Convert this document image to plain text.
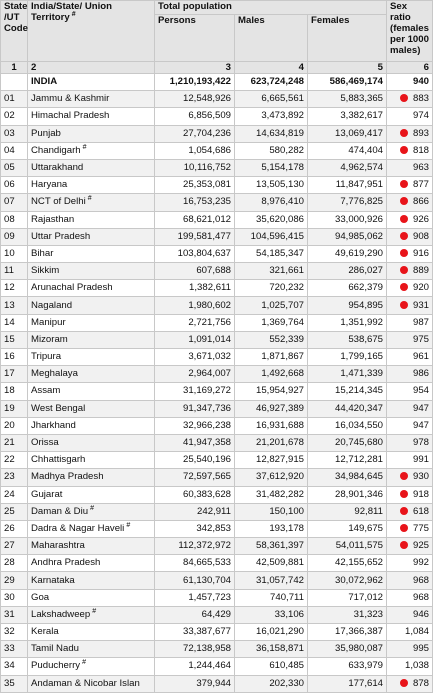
State /UT Code	India/State/ Union Territory #	Total population			Sex ratio (females per 1000 males)
		Persons	Males	Females	
1	2	3	4	5	6
	INDIA	1,210,193,422	623,724,248	586,469,174	940
01	Jammu & Kashmir	12,548,926	6,665,561	5,883,365	883
02	Himachal Pradesh	6,856,509	3,473,892	3,382,617	974
03	Punjab	27,704,236	14,634,819	13,069,417	893
04	Chandigarh #	1,054,686	580,282	474,404	818
05	Uttarakhand	10,116,752	5,154,178	4,962,574	963
06	Haryana	25,353,081	13,505,130	11,847,951	877
07	NCT of Delhi #	16,753,235	8,976,410	7,776,825	866
08	Rajasthan	68,621,012	35,620,086	33,000,926	926
09	Uttar Pradesh	199,581,477	104,596,415	94,985,062	908
10	Bihar	103,804,637	54,185,347	49,619,290	916
11	Sikkim	607,688	321,661	286,027	889
12	Arunachal Pradesh	1,382,611	720,232	662,379	920
13	Nagaland	1,980,602	1,025,707	954,895	931
14	Manipur	2,721,756	1,369,764	1,351,992	987
15	Mizoram	1,091,014	552,339	538,675	975
16	Tripura	3,671,032	1,871,867	1,799,165	961
17	Meghalaya	2,964,007	1,492,668	1,471,339	986
18	Assam	31,169,272	15,954,927	15,214,345	954
19	West Bengal	91,347,736	46,927,389	44,420,347	947
20	Jharkhand	32,966,238	16,931,688	16,034,550	947
21	Orissa	41,947,358	21,201,678	20,745,680	978
22	Chhattisgarh	25,540,196	12,827,915	12,712,281	991
23	Madhya Pradesh	72,597,565	37,612,920	34,984,645	930
24	Gujarat	60,383,628	31,482,282	28,901,346	918
25	Daman & Diu #	242,911	150,100	92,811	618
26	Dadra & Nagar Haveli #	342,853	193,178	149,675	775
27	Maharashtra	112,372,972	58,361,397	54,011,575	925
28	Andhra Pradesh	84,665,533	42,509,881	42,155,652	992
29	Karnataka	61,130,704	31,057,742	30,072,962	968
30	Goa	1,457,723	740,711	717,012	968
31	Lakshadweep #	64,429	33,106	31,323	946
32	Kerala	33,387,677	16,021,290	17,366,387	1,084
33	Tamil Nadu	72,138,958	36,158,871	35,980,087	995
34	Puducherry #	1,244,464	610,485	633,979	1,038
35	Andaman & Nicobar Islan	379,944	202,330	177,614	878
